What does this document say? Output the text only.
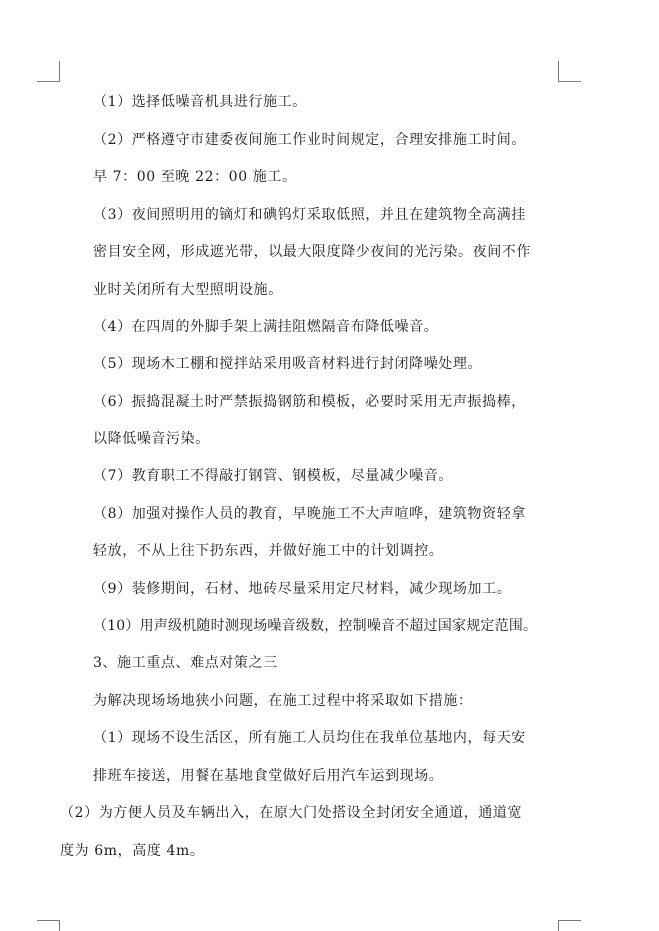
（1）选择低噪音机具进行施工。
（2）严格遵守市建委夜间施工作业时间规定，合理安排施工时间。
早 7：00 至晚 22：00 施工。
（3）夜间照明用的镝灯和碘钨灯采取低照，并且在建筑物全高满挂
密目安全网，形成遮光带，以最大限度降少夜间的光污染。夜间不作
业时关闭所有大型照明设施。
（4）在四周的外脚手架上满挂阻燃隔音布降低噪音。
（5）现场木工棚和搅拌站采用吸音材料进行封闭降噪处理。
（6）振捣混凝土时严禁振捣钢筋和模板，必要时采用无声振捣棒，
以降低噪音污染。
（7）教育职工不得敲打钢管、钢模板，尽量减少噪音。
（8）加强对操作人员的教育，早晚施工不大声喧哗，建筑物资轻拿
轻放，不从上往下扔东西，并做好施工中的计划调控。
（9）装修期间，石材、地砖尽量采用定尺材料，减少现场加工。
（10）用声级机随时测现场噪音级数，控制噪音不超过国家规定范围。
3、施工重点、难点对策之三
为解决现场场地狭小问题，在施工过程中将采取如下措施：
（1）现场不设生活区，所有施工人员均住在我单位基地内，每天安
排班车接送，用餐在基地食堂做好后用汽车运到现场。
（2）为方便人员及车辆出入，在原大门处搭设全封闭安全通道，通道宽
度为 6m，高度 4m。
